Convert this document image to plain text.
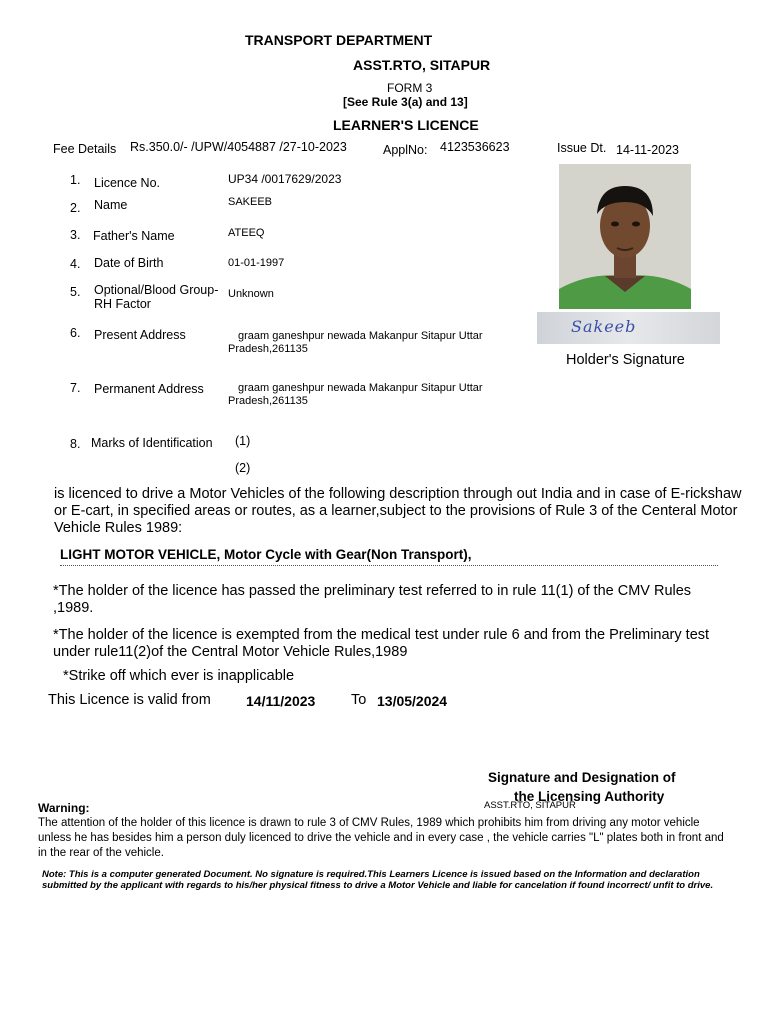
TRANSPORT DEPARTMENT
ASST.RTO, SITAPUR
FORM 3
[See Rule 3(a) and 13]
LEARNER'S LICENCE
Fee Details Rs.350.0/- /UPW/4054887 /27-10-2023	ApplNo: 4123536623	Issue Dt. 14-11-2023
1. Licence No.	UP34 /0017629/2023
2. Name	SAKEEB
3. Father's Name	ATEEQ
4. Date of Birth	01-01-1997
5. Optional/Blood Group-
RH Factor
Unknown
6. Present Address	graam ganeshpur newada Makanpur Sitapur Uttar
Pradesh,261135
7. Permanent Address	graam ganeshpur newada Makanpur Sitapur Uttar
Pradesh,261135
8. Marks of Identification (1)
(2)
Sakeeb
Holder's Signature
is licenced to drive a Motor Vehicles of the following description through out India and in case of E-rickshaw or E-cart, in specified areas or routes, as a learner,subject to the provisions of Rule 3 of the Centeral Motor Vehicle Rules 1989:
LIGHT MOTOR VEHICLE, Motor Cycle with Gear(Non Transport),
*The holder of the licence has passed the preliminary test referred to in rule 11(1) of the CMV Rules ,1989.
*The holder of the licence is exempted from the medical test under rule 6 and from the Preliminary test under rule11(2)of the Central Motor Vehicle Rules,1989
*Strike off which ever is inapplicable
This Licence is valid from	14/11/2023 To 13/05/2024
Signature and Designation of
the Licensing Authority
ASST.RTO, SITAPUR
Warning:
The attention of the holder of this licence is drawn to rule 3 of CMV Rules, 1989 which prohibits him from driving any motor vehicle unless he has besides him a person duly licenced to drive the vehicle and in every case , the vehicle carries "L" plates both in front and in the rear of the vehicle.
Note: This is a computer generated Document. No signature is required.This Learners Licence is issued based on the Information and declaration submitted by the applicant with regards to his/her physical fitness to drive a Motor Vehicle and liable for cancelation if found incorrect/ unfit to drive.
